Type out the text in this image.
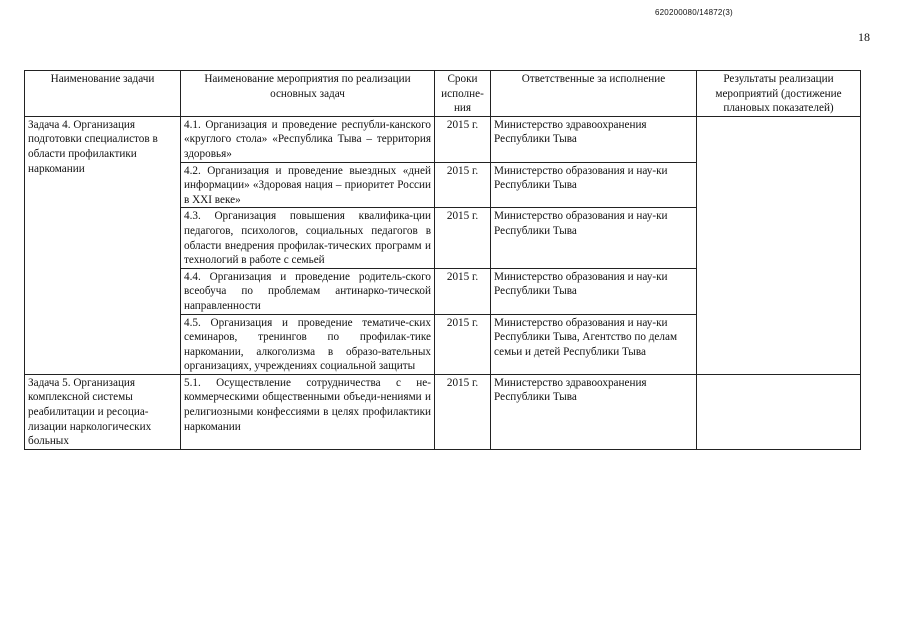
620200080/14872(3)
18
Наименование задачи	Наименование мероприятия по реализации основных задач	Сроки исполне-ния	Ответственные за исполнение	Результаты реализации мероприятий (достижение плановых показателей)
Задача 4. Организация подготовки специалистов в области профилактики наркомании	4.1. Организация и проведение республи-канского «круглого стола» «Республика Тыва – территория здоровья»	2015 г.	Министерство здравоохранения Республики Тыва	
	4.2. Организация и проведение выездных «дней информации» «Здоровая нация – приоритет России в XXI веке»	2015 г.	Министерство образования и нау-ки Республики Тыва	
	4.3. Организация повышения квалифика-ции педагогов, психологов, социальных педагогов в области внедрения профилак-тических программ и технологий в работе с семьей	2015 г.	Министерство образования и нау-ки Республики Тыва	
	4.4. Организация и проведение родитель-ского всеобуча по проблемам антинарко-тической направленности	2015 г.	Министерство образования и нау-ки Республики Тыва	
	4.5. Организация и проведение тематиче-ских семинаров, тренингов по профилак-тике наркомании, алкоголизма в образо-вательных организациях, учреждениях социальной защиты	2015 г.	Министерство образования и нау-ки Республики Тыва, Агентство по делам семьи и детей Республики Тыва	
Задача 5. Организация комплексной системы реабилитации и ресоциа-лизации наркологических больных	5.1. Осуществление сотрудничества с не-коммерческими общественными объеди-нениями и религиозными конфессиями в целях профилактики наркомании	2015 г.	Министерство здравоохранения Республики Тыва	
